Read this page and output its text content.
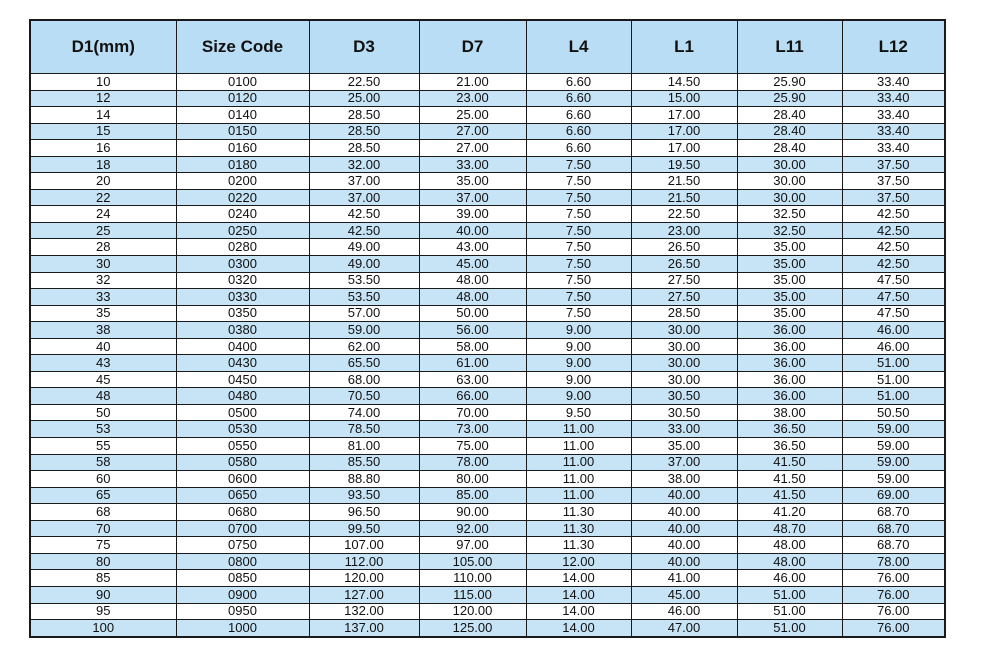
D1(mm)	Size Code	D3	D7	L4	L1	L11	L12
10	0100	22.50	21.00	6.60	14.50	25.90	33.40
12	0120	25.00	23.00	6.60	15.00	25.90	33.40
14	0140	28.50	25.00	6.60	17.00	28.40	33.40
15	0150	28.50	27.00	6.60	17.00	28.40	33.40
16	0160	28.50	27.00	6.60	17.00	28.40	33.40
18	0180	32.00	33.00	7.50	19.50	30.00	37.50
20	0200	37.00	35.00	7.50	21.50	30.00	37.50
22	0220	37.00	37.00	7.50	21.50	30.00	37.50
24	0240	42.50	39.00	7.50	22.50	32.50	42.50
25	0250	42.50	40.00	7.50	23.00	32.50	42.50
28	0280	49.00	43.00	7.50	26.50	35.00	42.50
30	0300	49.00	45.00	7.50	26.50	35.00	42.50
32	0320	53.50	48.00	7.50	27.50	35.00	47.50
33	0330	53.50	48.00	7.50	27.50	35.00	47.50
35	0350	57.00	50.00	7.50	28.50	35.00	47.50
38	0380	59.00	56.00	9.00	30.00	36.00	46.00
40	0400	62.00	58.00	9.00	30.00	36.00	46.00
43	0430	65.50	61.00	9.00	30.00	36.00	51.00
45	0450	68.00	63.00	9.00	30.00	36.00	51.00
48	0480	70.50	66.00	9.00	30.50	36.00	51.00
50	0500	74.00	70.00	9.50	30.50	38.00	50.50
53	0530	78.50	73.00	11.00	33.00	36.50	59.00
55	0550	81.00	75.00	11.00	35.00	36.50	59.00
58	0580	85.50	78.00	11.00	37.00	41.50	59.00
60	0600	88.80	80.00	11.00	38.00	41.50	59.00
65	0650	93.50	85.00	11.00	40.00	41.50	69.00
68	0680	96.50	90.00	11.30	40.00	41.20	68.70
70	0700	99.50	92.00	11.30	40.00	48.70	68.70
75	0750	107.00	97.00	11.30	40.00	48.00	68.70
80	0800	112.00	105.00	12.00	40.00	48.00	78.00
85	0850	120.00	110.00	14.00	41.00	46.00	76.00
90	0900	127.00	115.00	14.00	45.00	51.00	76.00
95	0950	132.00	120.00	14.00	46.00	51.00	76.00
100	1000	137.00	125.00	14.00	47.00	51.00	76.00
